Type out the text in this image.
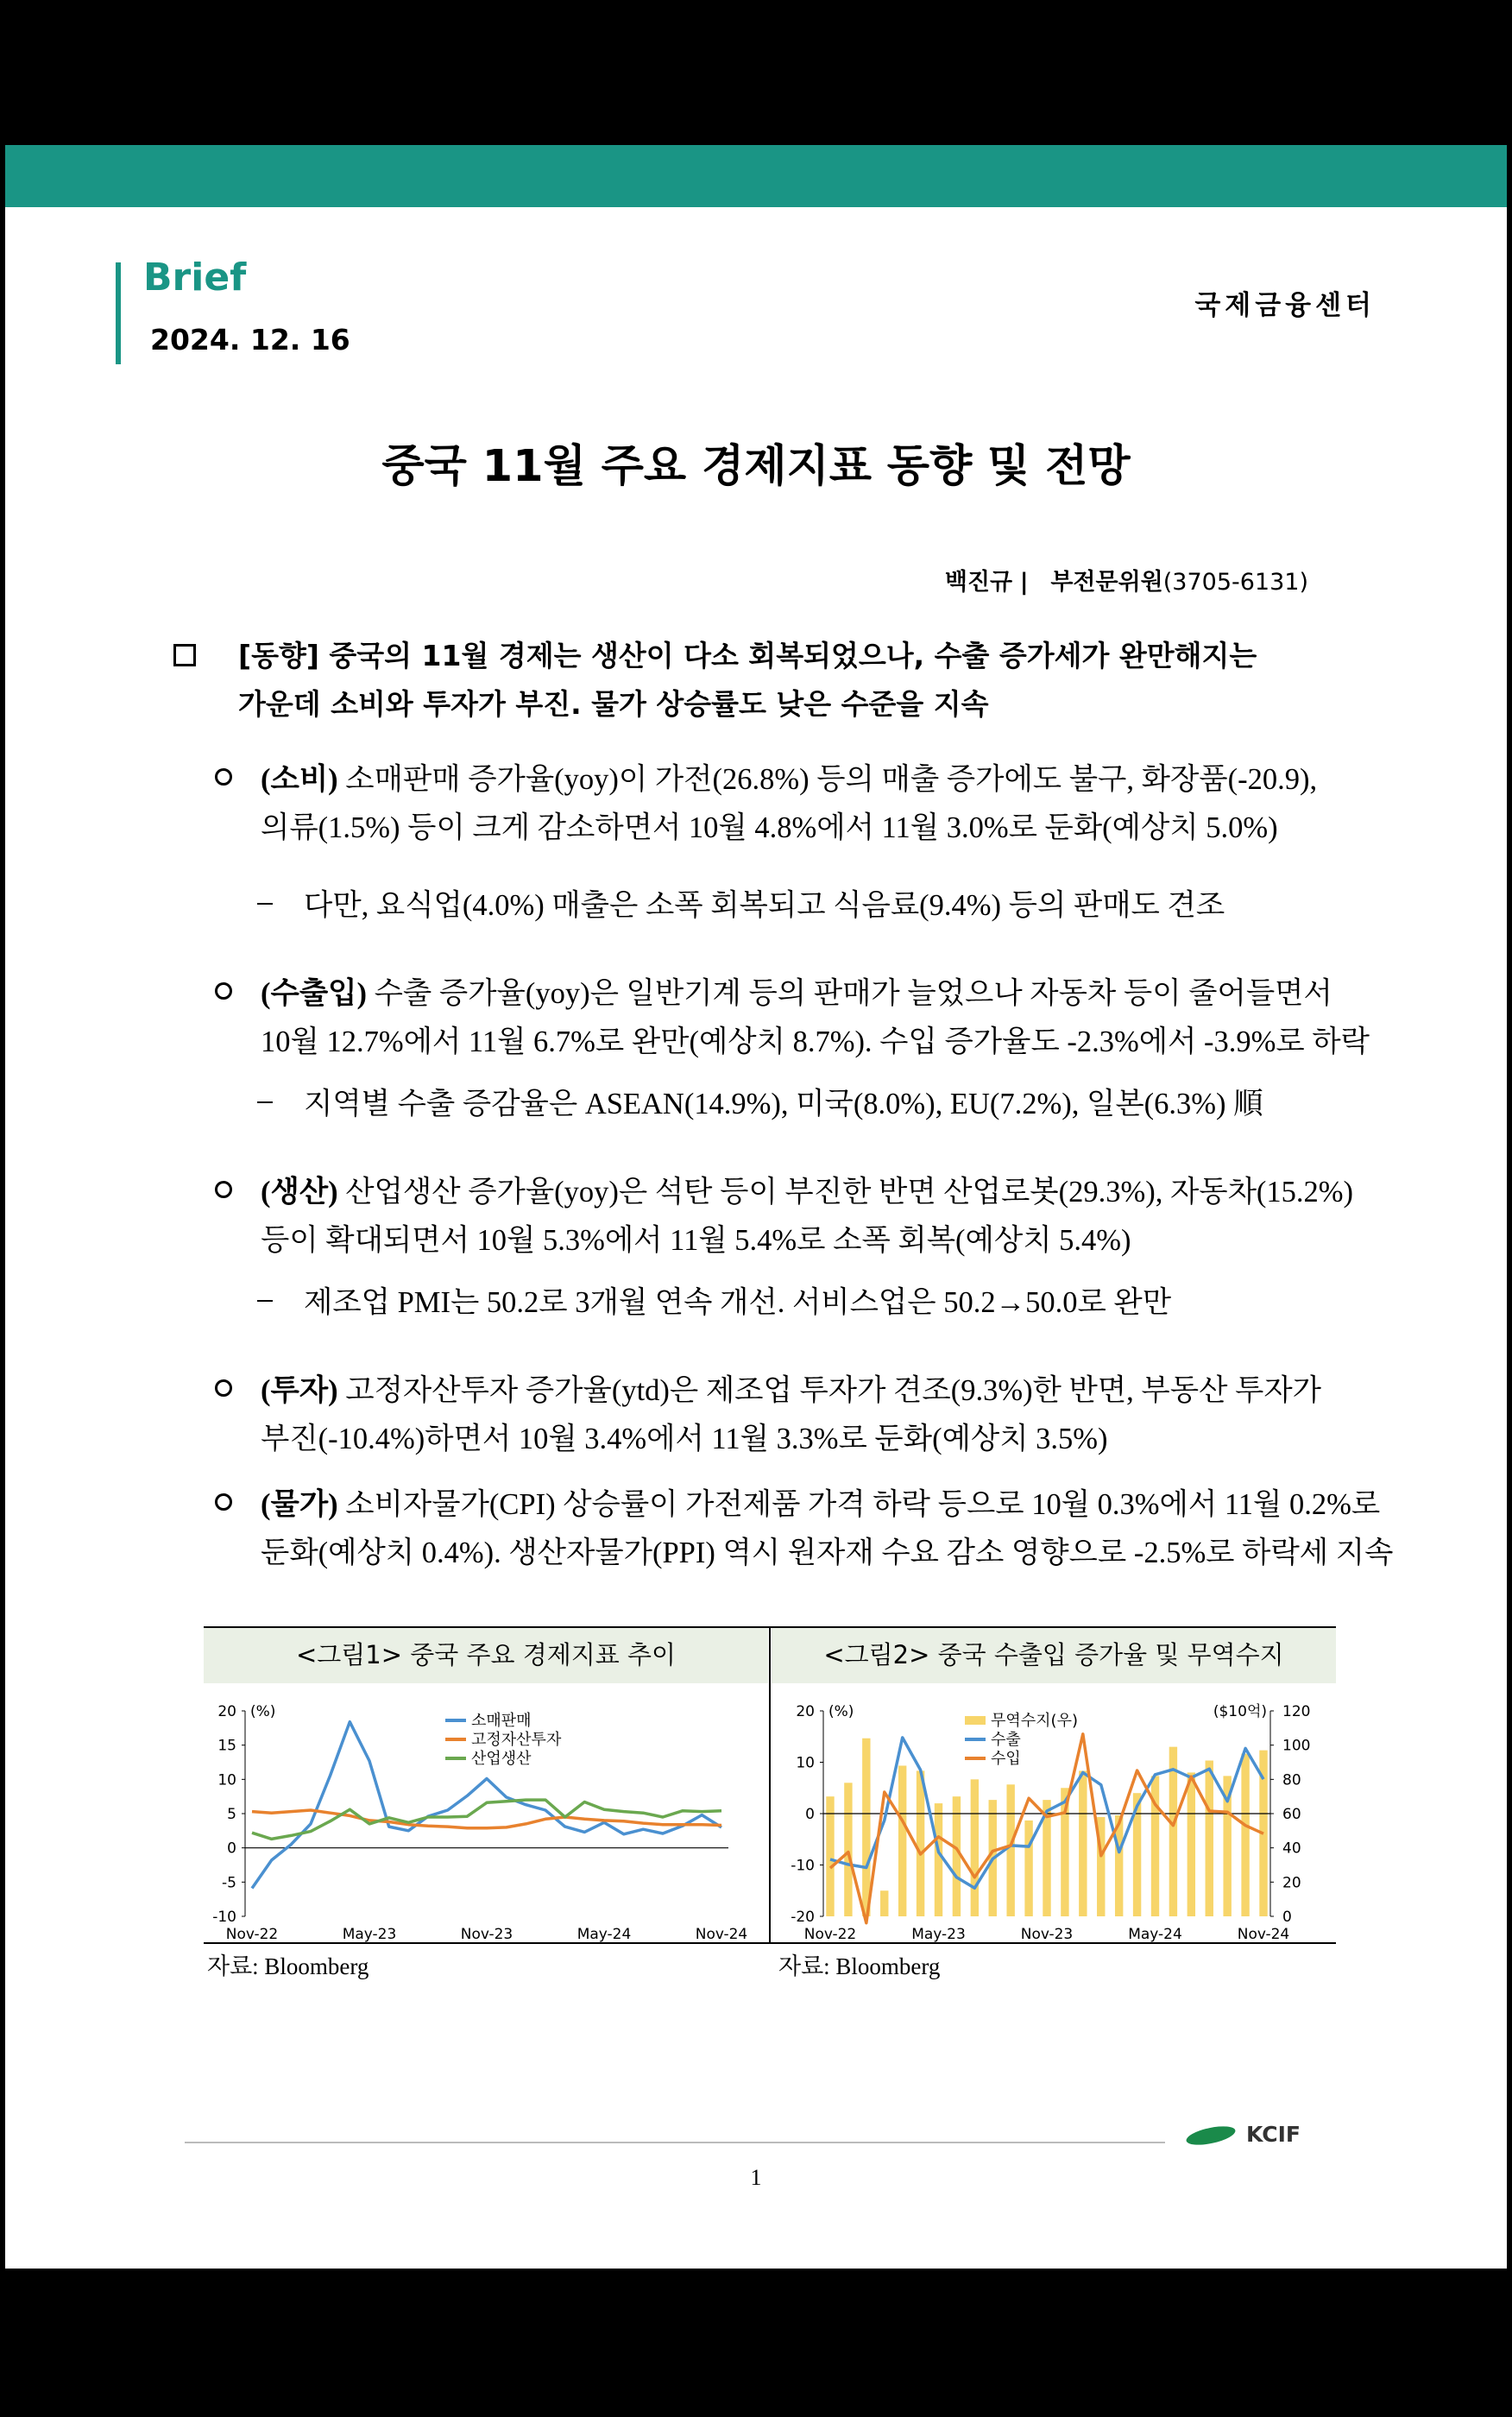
Brief
2024. 12. 16
국제금융센터
중국 11월 주요 경제지표 동향 및 전망
백진규 | 부전문위원(3705-6131)
[동향] 중국의 11월 경제는 생산이 다소 회복되었으나, 수출 증가세가 완만해지는
가운데 소비와 투자가 부진. 물가 상승률도 낮은 수준을 지속
(소비) 소매판매 증가율(yoy)이 가전(26.8%) 등의 매출 증가에도 불구, 화장품(-20.9),
의류(1.5%) 등이 크게 감소하면서 10월 4.8%에서 11월 3.0%로 둔화(예상치 5.0%)
다만, 요식업(4.0%) 매출은 소폭 회복되고 식음료(9.4%) 등의 판매도 견조
(수출입) 수출 증가율(yoy)은 일반기계 등의 판매가 늘었으나 자동차 등이 줄어들면서
10월 12.7%에서 11월 6.7%로 완만(예상치 8.7%). 수입 증가율도 -2.3%에서 -3.9%로 하락
지역별 수출 증감율은 ASEAN(14.9%), 미국(8.0%), EU(7.2%), 일본(6.3%) 順
(생산) 산업생산 증가율(yoy)은 석탄 등이 부진한 반면 산업로봇(29.3%), 자동차(15.2%)
등이 확대되면서 10월 5.3%에서 11월 5.4%로 소폭 회복(예상치 5.4%)
제조업 PMI는 50.2로 3개월 연속 개선. 서비스업은 50.2→50.0로 완만
(투자) 고정자산투자 증가율(ytd)은 제조업 투자가 견조(9.3%)한 반면, 부동산 투자가
부진(-10.4%)하면서 10월 3.4%에서 11월 3.3%로 둔화(예상치 3.5%)
(물가) 소비자물가(CPI) 상승률이 가전제품 가격 하락 등으로 10월 0.3%에서 11월 0.2%로
둔화(예상치 0.4%). 생산자물가(PPI) 역시 원자재 수요 감소 영향으로 -2.5%로 하락세 지속
<그림1> 중국 주요 경제지표 추이	<그림2> 중국 수출입 증가율 및 무역수지
20
15
10
5
0
-5
-10
(%)
Nov-22	May-23	Nov-23	May-24	Nov-24
소매판매
고정자산투자
산업생산
20
10
0
-10
-20
(%)	120
100
80
60
40
20
0
($10억)
Nov-22	May-23	Nov-23	May-24	Nov-24
무역수지(우)
수출
수입
자료: Bloomberg	자료: Bloomberg
KCIF
1
